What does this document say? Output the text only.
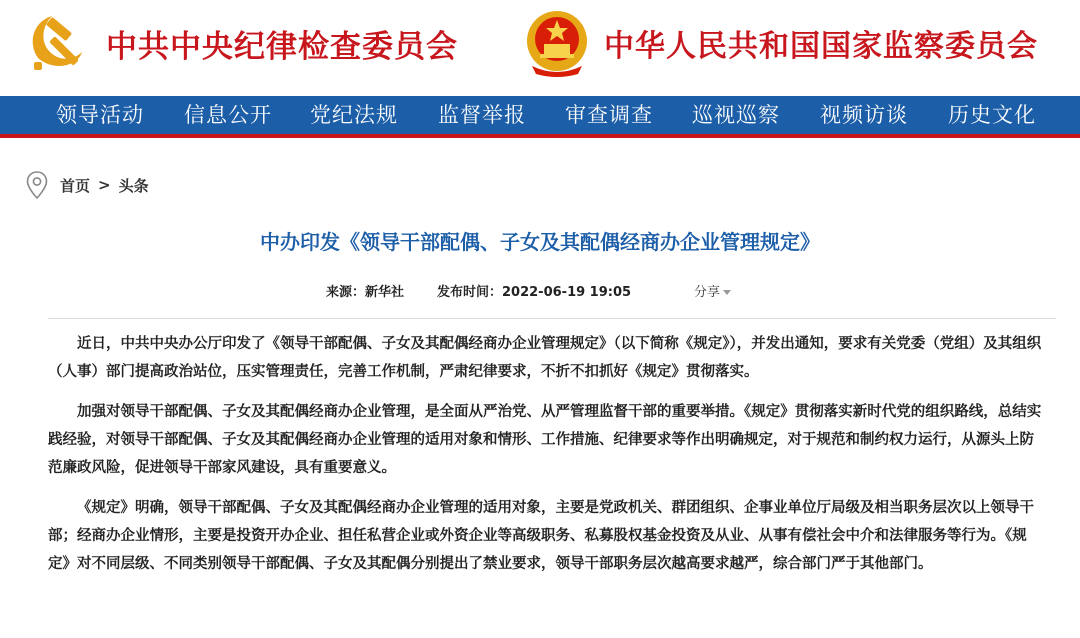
中共中央纪律检查委员会	中华人民共和国国家监察委员会
领导活动 信息公开 党纪法规 监督举报 审查调查 巡视巡察 视频访谈 历史文化
首页 > 头条
中办印发《领导干部配偶、子女及其配偶经商办企业管理规定》
来源：新华社	发布时间：2022-06-19 19:05	分享

近日，中共中央办公厅印发了《领导干部配偶、子女及其配偶经商办企业管理规定》（以下简称《规定》），并发出通知，要求有关党委（党组）及其组织（人事）部门提高政治站位，压实管理责任，完善工作机制，严肃纪律要求，不折不扣抓好《规定》贯彻落实。

加强对领导干部配偶、子女及其配偶经商办企业管理，是全面从严治党、从严管理监督干部的重要举措。《规定》贯彻落实新时代党的组织路线，总结实践经验，对领导干部配偶、子女及其配偶经商办企业管理的适用对象和情形、工作措施、纪律要求等作出明确规定，对于规范和制约权力运行，从源头上防范廉政风险，促进领导干部家风建设，具有重要意义。

《规定》明确，领导干部配偶、子女及其配偶经商办企业管理的适用对象，主要是党政机关、群团组织、企事业单位厅局级及相当职务层次以上领导干部；经商办企业情形，主要是投资开办企业、担任私营企业或外资企业等高级职务、私募股权基金投资及从业、从事有偿社会中介和法律服务等行为。《规定》对不同层级、不同类别领导干部配偶、子女及其配偶分别提出了禁业要求，领导干部职务层次越高要求越严，综合部门严于其他部门。
